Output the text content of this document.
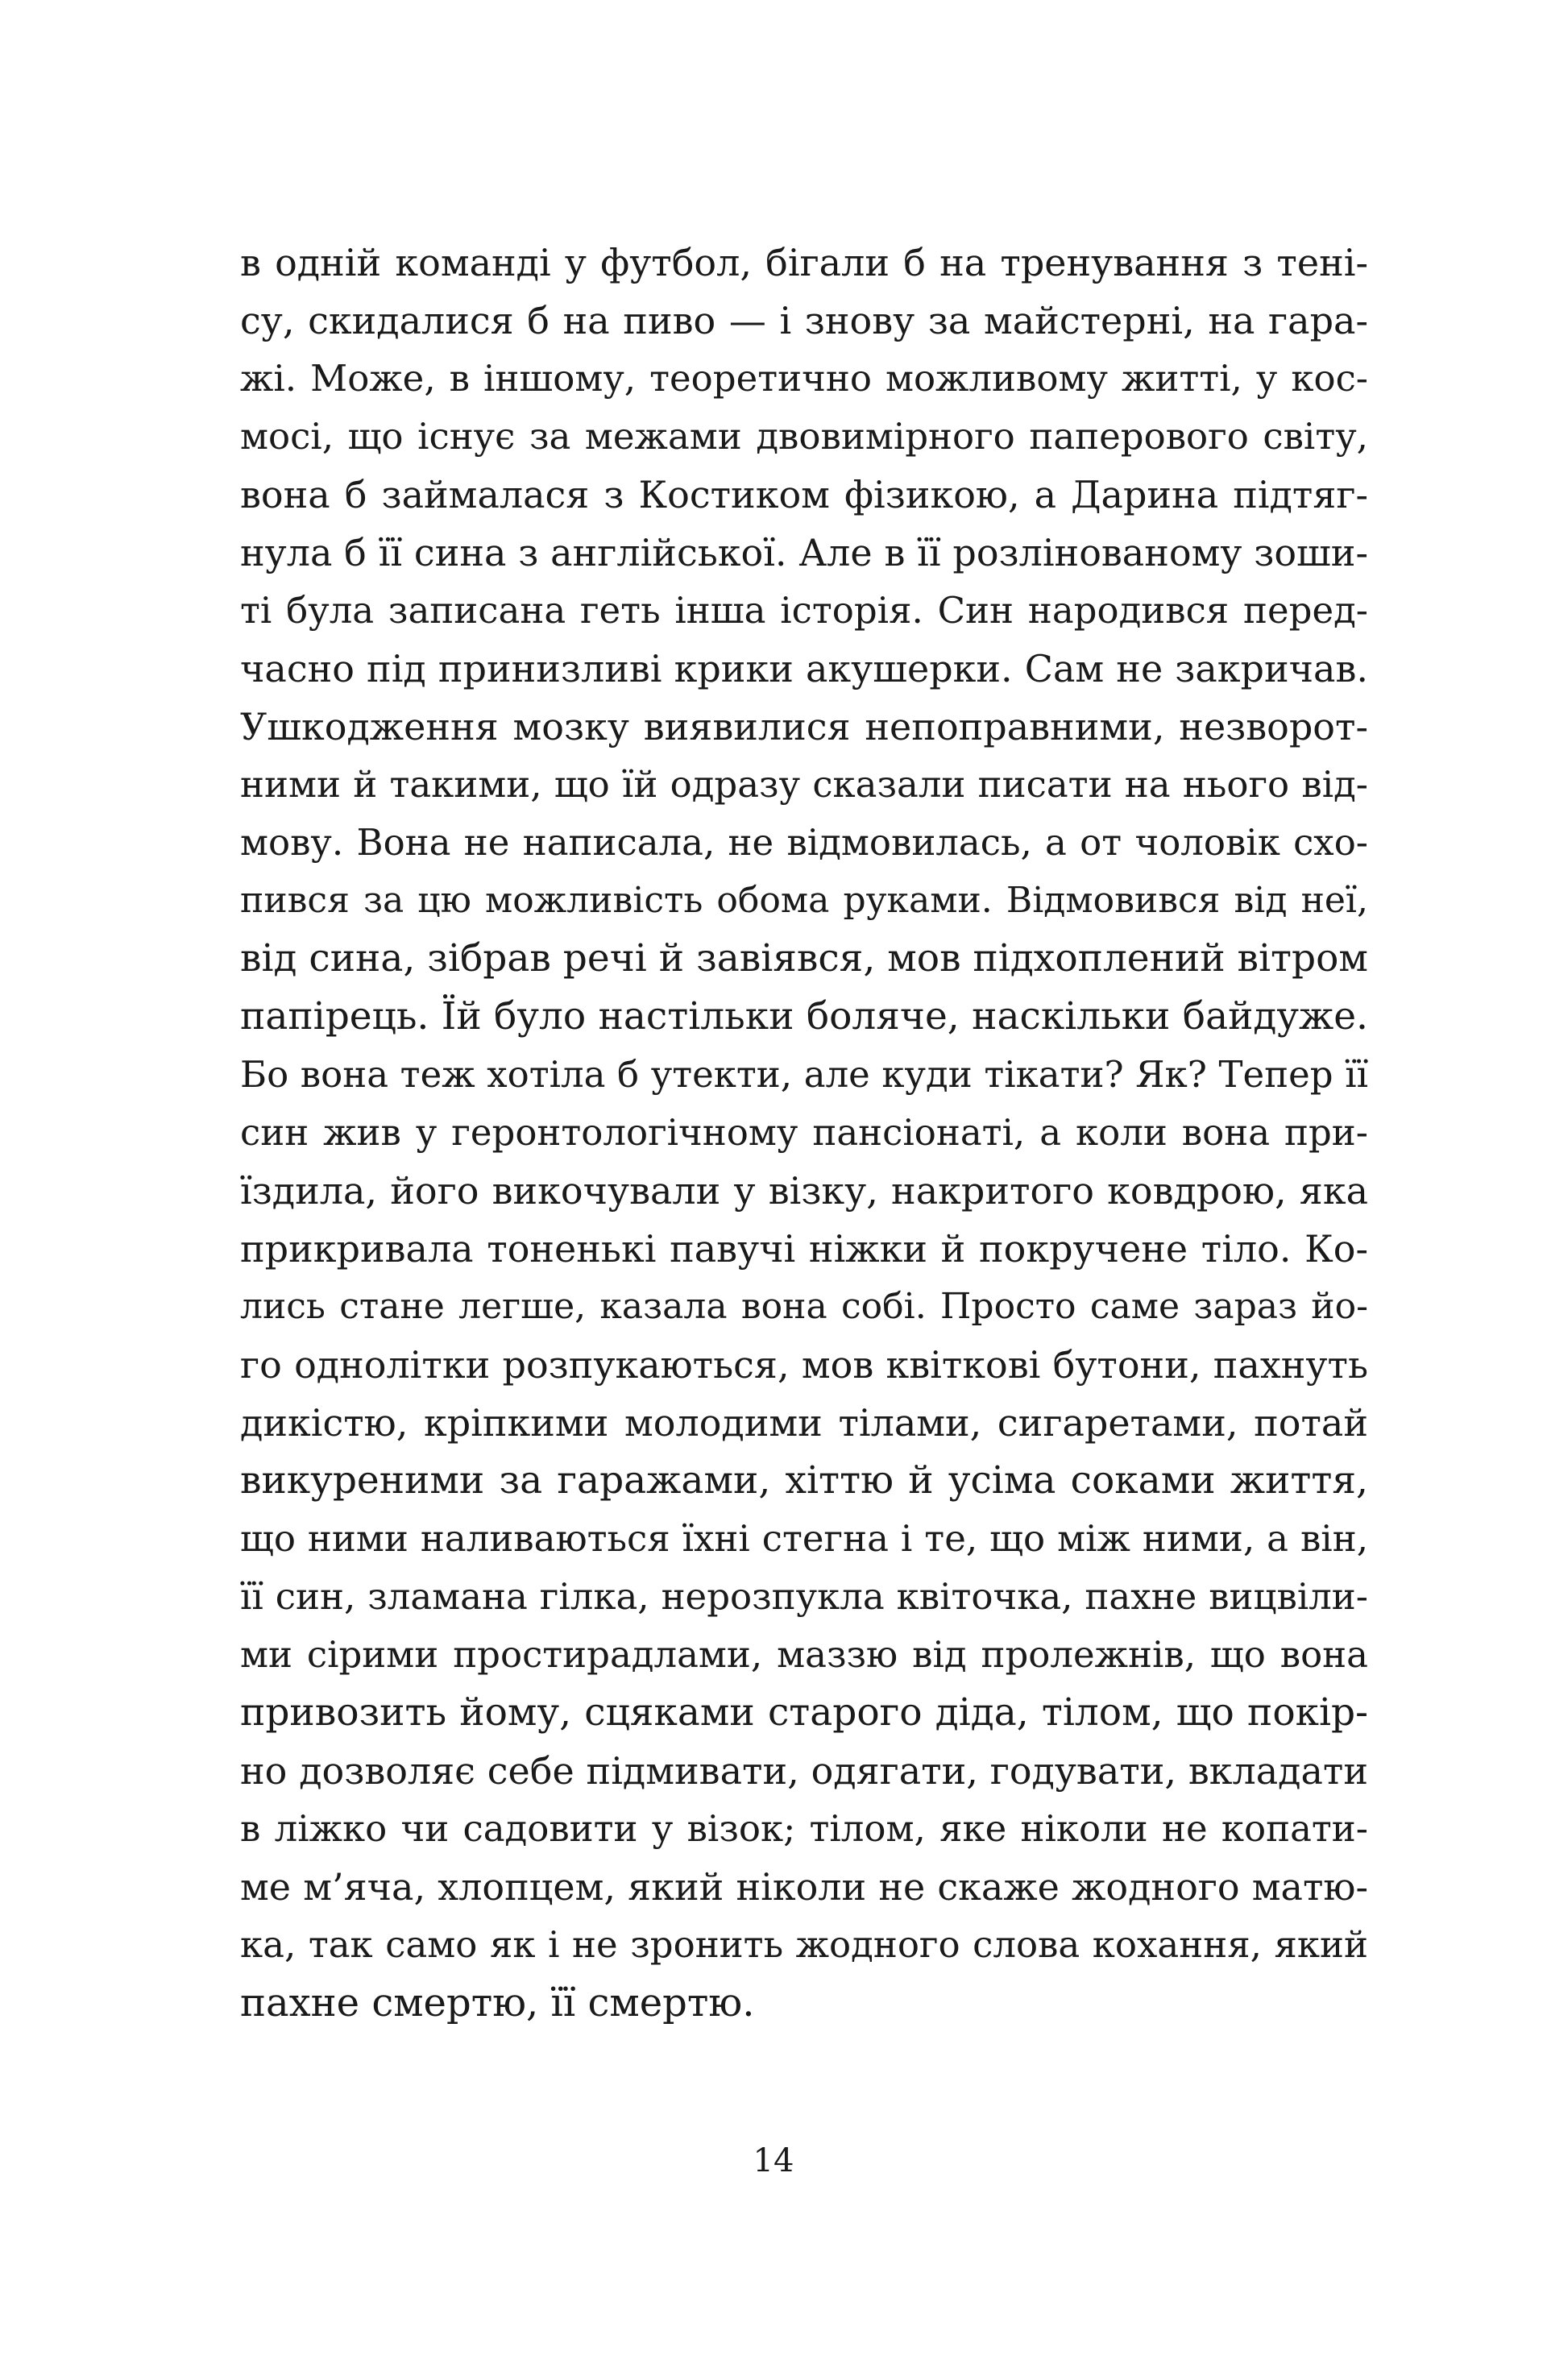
в одній команді у футбол, бігали б на тренування з тені-
су, скидалися б на пиво — і знову за майстерні, на гара-
жі. Може, в іншому, теоретично можливому житті, у кос-
мосі, що існує за межами двовимірного паперового світу,
вона б займалася з Костиком фізикою, а Дарина підтяг-
нула б її сина з англійської. Але в її розлінованому зоши-
ті була записана геть інша історія. Син народився перед-
часно під принизливі крики акушерки. Сам не закричав.
Ушкодження мозку виявилися непоправними, незворот-
ними й такими, що їй одразу сказали писати на нього від-
мову. Вона не написала, не відмовилась, а от чоловік схо-
пився за цю можливість обома руками. Відмовився від неї,
від сина, зібрав речі й завіявся, мов підхоплений вітром
папірець. Їй було настільки боляче, наскільки байдуже.
Бо вона теж хотіла б утекти, але куди тікати? Як? Тепер її
син жив у геронтологічному пансіонаті, а коли вона при-
їздила, його викочували у візку, накритого ковдрою, яка
прикривала тоненькі павучі ніжки й покручене тіло. Ко-
лись стане легше, казала вона собі. Просто саме зараз йо-
го однолітки розпукаються, мов квіткові бутони, пахнуть
дикістю, кріпкими молодими тілами, сигаретами, потай
викуреними за гаражами, хіттю й усіма соками життя,
що ними наливаються їхні стегна і те, що між ними, а він,
її син, зламана гілка, нерозпукла квіточка, пахне вицвіли-
ми сірими простирадлами, маззю від пролежнів, що вона
привозить йому, сцяками старого діда, тілом, що покір-
но дозволяє себе підмивати, одягати, годувати, вкладати
в ліжко чи садовити у візок; тілом, яке ніколи не копати-
ме м’яча, хлопцем, який ніколи не скаже жодного матю-
ка, так само як і не зронить жодного слова кохання, який
пахне смертю, її смертю.
14
